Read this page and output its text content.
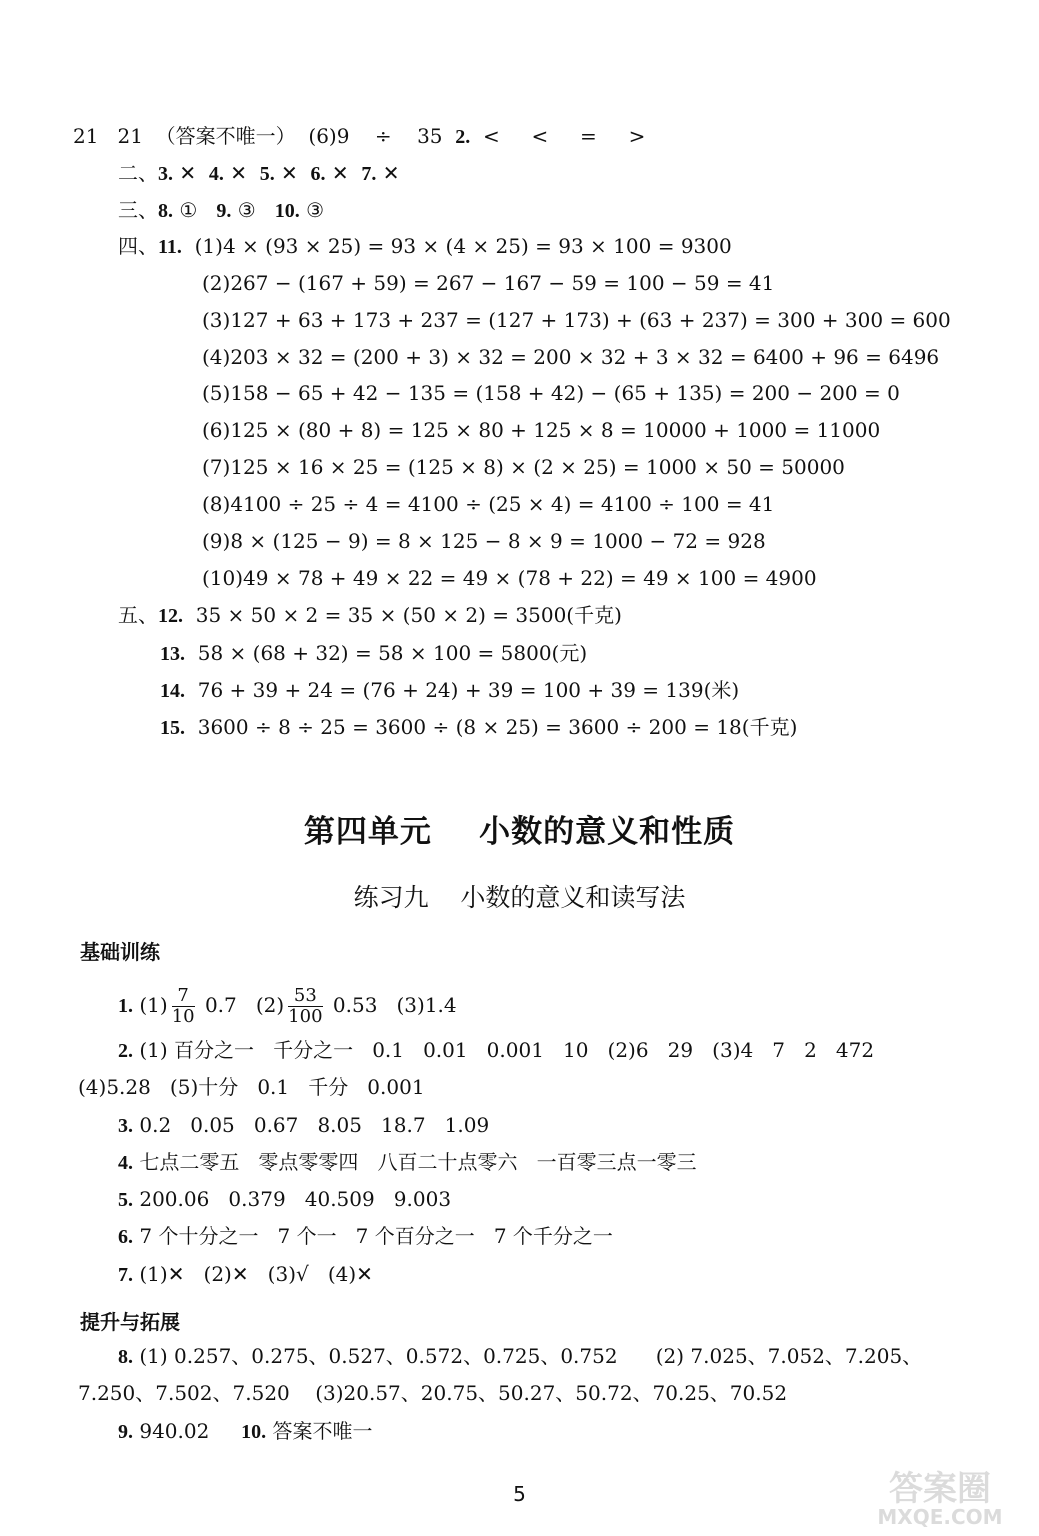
21   21  （答案不唯一）  (6)9    ÷    35  2.  <     <     =     >
二、3. ✕  4. ✕  5. ✕  6. ✕  7. ✕
三、8. ①   9. ③   10. ③
四、11.  (1)4 × (93 × 25) = 93 × (4 × 25) = 93 × 100 = 9300
(2)267 − (167 + 59) = 267 − 167 − 59 = 100 − 59 = 41
(3)127 + 63 + 173 + 237 = (127 + 173) + (63 + 237) = 300 + 300 = 600
(4)203 × 32 = (200 + 3) × 32 = 200 × 32 + 3 × 32 = 6400 + 96 = 6496
(5)158 − 65 + 42 − 135 = (158 + 42) − (65 + 135) = 200 − 200 = 0
(6)125 × (80 + 8) = 125 × 80 + 125 × 8 = 10000 + 1000 = 11000
(7)125 × 16 × 25 = (125 × 8) × (2 × 25) = 1000 × 50 = 50000
(8)4100 ÷ 25 ÷ 4 = 4100 ÷ (25 × 4) = 4100 ÷ 100 = 41
(9)8 × (125 − 9) = 8 × 125 − 8 × 9 = 1000 − 72 = 928
(10)49 × 78 + 49 × 22 = 49 × (78 + 22) = 49 × 100 = 4900
五、12.  35 × 50 × 2 = 35 × (50 × 2) = 3500(千克)
13.  58 × (68 + 32) = 58 × 100 = 5800(元)
14.  76 + 39 + 24 = (76 + 24) + 39 = 100 + 39 = 139(米)
15.  3600 ÷ 8 ÷ 25 = 3600 ÷ (8 × 25) = 3600 ÷ 200 = 18(千克)
第四单元    小数的意义和性质
练习九    小数的意义和读写法
基础训练
1. $(1) \frac{7}{10} 0.7$   $(2) \frac{53}{100} 0.53$   (3)1.4
2. (1) 百分之一   千分之一   0.1   0.01   0.001   10   (2)6   29   (3)4   7   2   472
(4)5.28   (5)十分   0.1   千分   0.001
3. 0.2   0.05   0.67   8.05   18.7   1.09
4. 七点二零五   零点零零四   八百二十点零六   一百零三点一零三
5. 200.06   0.379   40.509   9.003
6. 7 个十分之一   7 个一   7 个百分之一   7 个千分之一
7. (1)✕   (2)✕   (3)√   (4)✕
提升与拓展
8. (1) 0.257、0.275、0.527、0.572、0.725、0.752      (2) 7.025、7.052、7.205、
7.250、7.502、7.520    (3)20.57、20.75、50.27、50.72、70.25、70.52
9. 940.02     10. 答案不唯一
5	答案圈
MXQE.COM
